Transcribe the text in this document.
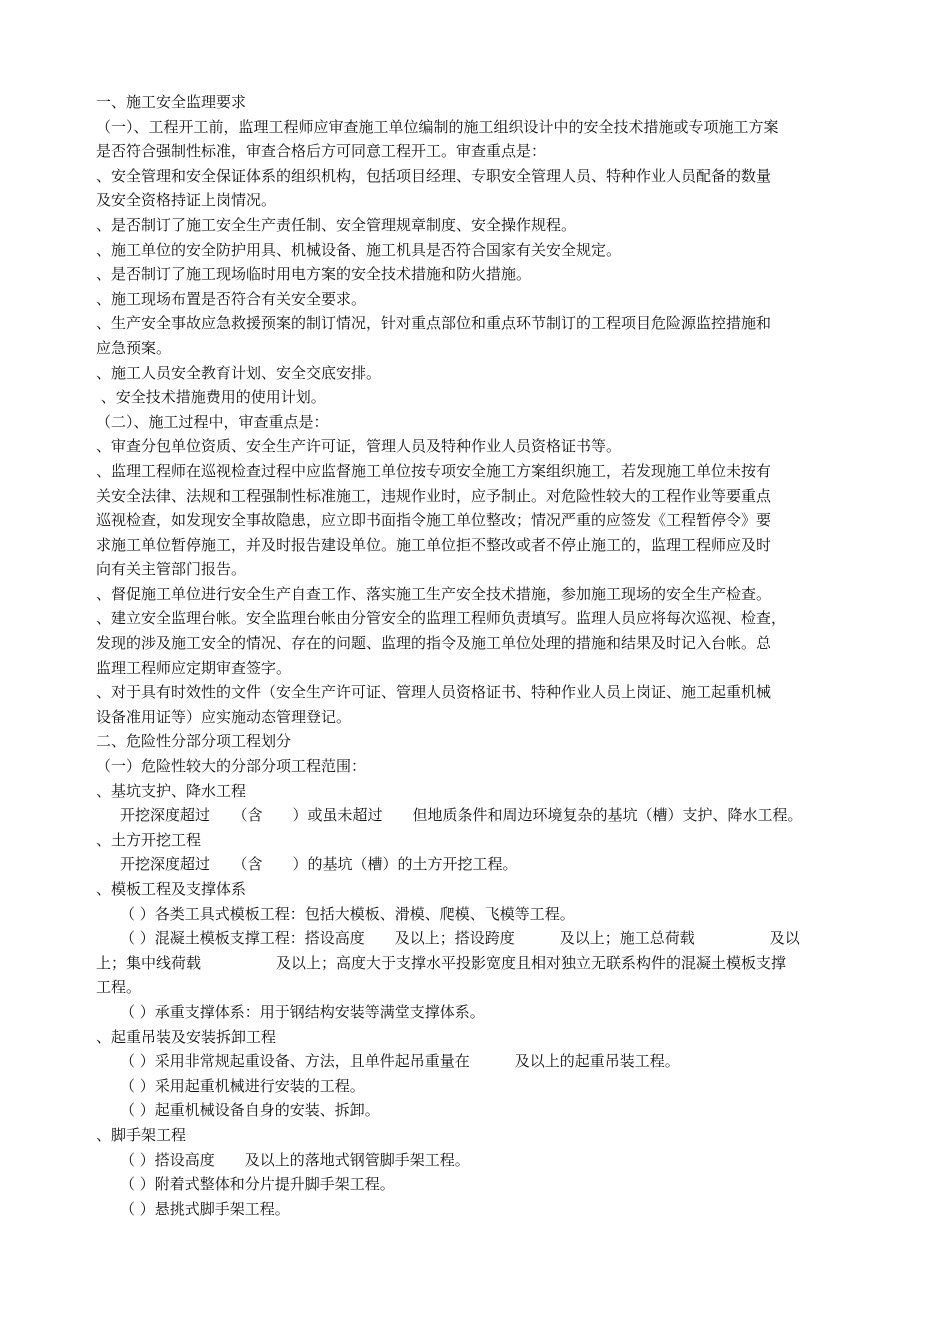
一、施工安全监理要求
（一）、工程开工前，监理工程师应审查施工单位编制的施工组织设计中的安全技术措施或专项施工方案
是否符合强制性标准，审查合格后方可同意工程开工。审查重点是：
、安全管理和安全保证体系的组织机构，包括项目经理、专职安全管理人员、特种作业人员配备的数量
及安全资格持证上岗情况。
、是否制订了施工安全生产责任制、安全管理规章制度、安全操作规程。
、施工单位的安全防护用具、机械设备、施工机具是否符合国家有关安全规定。
、是否制订了施工现场临时用电方案的安全技术措施和防火措施。
、施工现场布置是否符合有关安全要求。
、生产安全事故应急救援预案的制订情况，针对重点部位和重点环节制订的工程项目危险源监控措施和
应急预案。
、施工人员安全教育计划、安全交底安排。
、安全技术措施费用的使用计划。
（二）、施工过程中，审查重点是：
、审查分包单位资质、安全生产许可证，管理人员及特种作业人员资格证书等。
、监理工程师在巡视检查过程中应监督施工单位按专项安全施工方案组织施工，若发现施工单位未按有
关安全法律、法规和工程强制性标准施工，违规作业时，应予制止。对危险性较大的工程作业等要重点
巡视检查，如发现安全事故隐患，应立即书面指令施工单位整改；情况严重的应签发《工程暂停令》要
求施工单位暂停施工，并及时报告建设单位。施工单位拒不整改或者不停止施工的，监理工程师应及时
向有关主管部门报告。
、督促施工单位进行安全生产自查工作、落实施工生产安全技术措施，参加施工现场的安全生产检查。
、建立安全监理台帐。安全监理台帐由分管安全的监理工程师负责填写。监理人员应将每次巡视、检查，
发现的涉及施工安全的情况、存在的问题、监理的指令及施工单位处理的措施和结果及时记入台帐。总
监理工程师应定期审查签字。
、对于具有时效性的文件（安全生产许可证、管理人员资格证书、特种作业人员上岗证、施工起重机械
设备准用证等）应实施动态管理登记。
二、危险性分部分项工程划分
（一）危险性较大的分部分项工程范围：
、基坑支护、降水工程
开挖深度超过　　（含　　）或虽未超过　　但地质条件和周边环境复杂的基坑（槽）支护、降水工程。
、土方开挖工程
开挖深度超过　　（含　　）的基坑（槽）的土方开挖工程。
、模板工程及支撑体系
（ ）各类工具式模板工程：包括大模板、滑模、爬模、飞模等工程。
（ ）混凝土模板支撑工程：搭设高度　　及以上；搭设跨度　　　及以上；施工总荷载　　　　　及以
上；集中线荷载　　　　　及以上；高度大于支撑水平投影宽度且相对独立无联系构件的混凝土模板支撑
工程。
（ ）承重支撑体系：用于钢结构安装等满堂支撑体系。
、起重吊装及安装拆卸工程
（ ）采用非常规起重设备、方法，且单件起吊重量在　　　及以上的起重吊装工程。
（ ）采用起重机械进行安装的工程。
（ ）起重机械设备自身的安装、拆卸。
、脚手架工程
（ ）搭设高度　　及以上的落地式钢管脚手架工程。
（ ）附着式整体和分片提升脚手架工程。
（ ）悬挑式脚手架工程。
